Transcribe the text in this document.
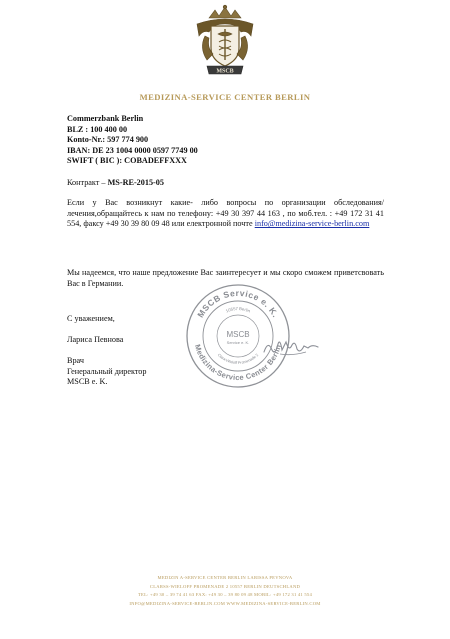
MSCB
MEDIZINA-SERVICE CENTER BERLIN
Commerzbank Berlin
BLZ : 100 400 00
Konto-Nr.: 597 774 900
IBAN: DE 23 1004 0000 0597 7749 00
SWIFT ( BIC ): COBADEFFXXX
Контракт – MS-RE-2015-05
Если у Вас возникнут какие- либо вопросы по организации обследования/лечения,обращайтесь к нам по телефону: +49 30 397 44 163 , по моб.тел. : +49 172 31 41 554, факсу +49 30 39 80 09 48 или електронной почте info@medizina-service-berlin.com
Мы надеемся, что наше предложение Вас заинтересует и мы скоро сможем приветсвовать Вас в Германии.
С уважением,
Лариса Певнова
Врач
Генеральный директор
MSCB e. K.
MSCB Service e. K.
Medizina-Service Center Berlin
10557 Berlin
Clara-Wieloff Promenade 2
MSCB
Service e. K.
MEDIZIN A-SERVICE CENTER BERLIN LARISSA PEVNOVA
CLARSS-WIELOFF PROMENADE 2 10557 BERLIN DEUTSCHLAND
TEL: +49 30 – 39 74 41 63 FAX: +49 30 – 39 80 09 48 MOBIL: +49 172 31 41 554
INFO@MEDIZINA-SERVICE-BERLIN.COM WWW.MEDIZINA-SERVICE-BERLIN.COM
